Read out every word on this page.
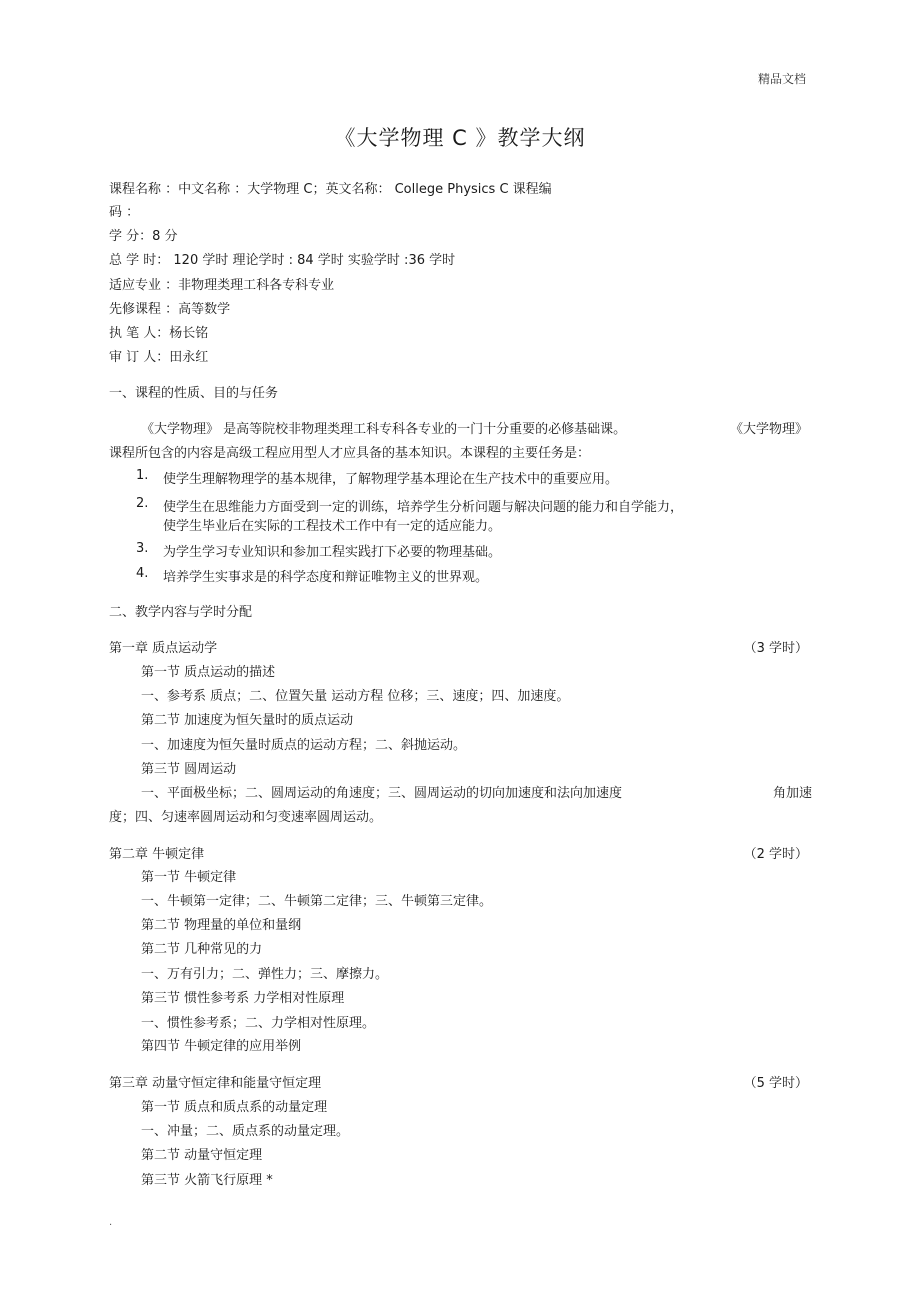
精品文档
《大学物理 C 》教学大纲
课程名称 ：中文名称 ：大学物理 C；英文名称： College Physics C 课程编
码 ：
学 分：8 分
总 学 时： 120 学时 理论学时 : 84 学时 实验学时 :36 学时
适应专业 ：非物理类理工科各专科专业
先修课程 ：高等数学
执 笔 人：杨长铭
审 订 人：田永红
一、课程的性质、目的与任务
《大学物理》 是高等院校非物理类理工科专科各专业的一门十分重要的必修基础课。	《大学物理》
课程所包含的内容是高级工程应用型人才应具备的基本知识。本课程的主要任务是：
1. 使学生理解物理学的基本规律，了解物理学基本理论在生产技术中的重要应用。
2. 使学生在思维能力方面受到一定的训练，培养学生分析问题与解决问题的能力和自学能力，
使学生毕业后在实际的工程技术工作中有一定的适应能力。
3. 为学生学习专业知识和参加工程实践打下必要的物理基础。
4. 培养学生实事求是的科学态度和辩证唯物主义的世界观。
二、教学内容与学时分配
第一章 质点运动学	（3 学时）
第一节 质点运动的描述
一、参考系 质点；二、位置矢量 运动方程 位移；三、速度；四、加速度。
第二节 加速度为恒矢量时的质点运动
一、加速度为恒矢量时质点的运动方程；二、斜抛运动。
第三节 圆周运动
一、平面极坐标；二、圆周运动的角速度；三、圆周运动的切向加速度和法向加速度	角加速
度；四、匀速率圆周运动和匀变速率圆周运动。
第二章 牛顿定律	（2 学时）
第一节 牛顿定律
一、牛顿第一定律；二、牛顿第二定律；三、牛顿第三定律。
第二节 物理量的单位和量纲
第二节 几种常见的力
一、万有引力；二、弹性力；三、摩擦力。
第三节 惯性参考系 力学相对性原理
一、惯性参考系；二、力学相对性原理。
第四节 牛顿定律的应用举例
第三章 动量守恒定律和能量守恒定理	（5 学时）
第一节 质点和质点系的动量定理
一、冲量；二、质点系的动量定理。
第二节 动量守恒定理
第三节 火箭飞行原理 *
.
